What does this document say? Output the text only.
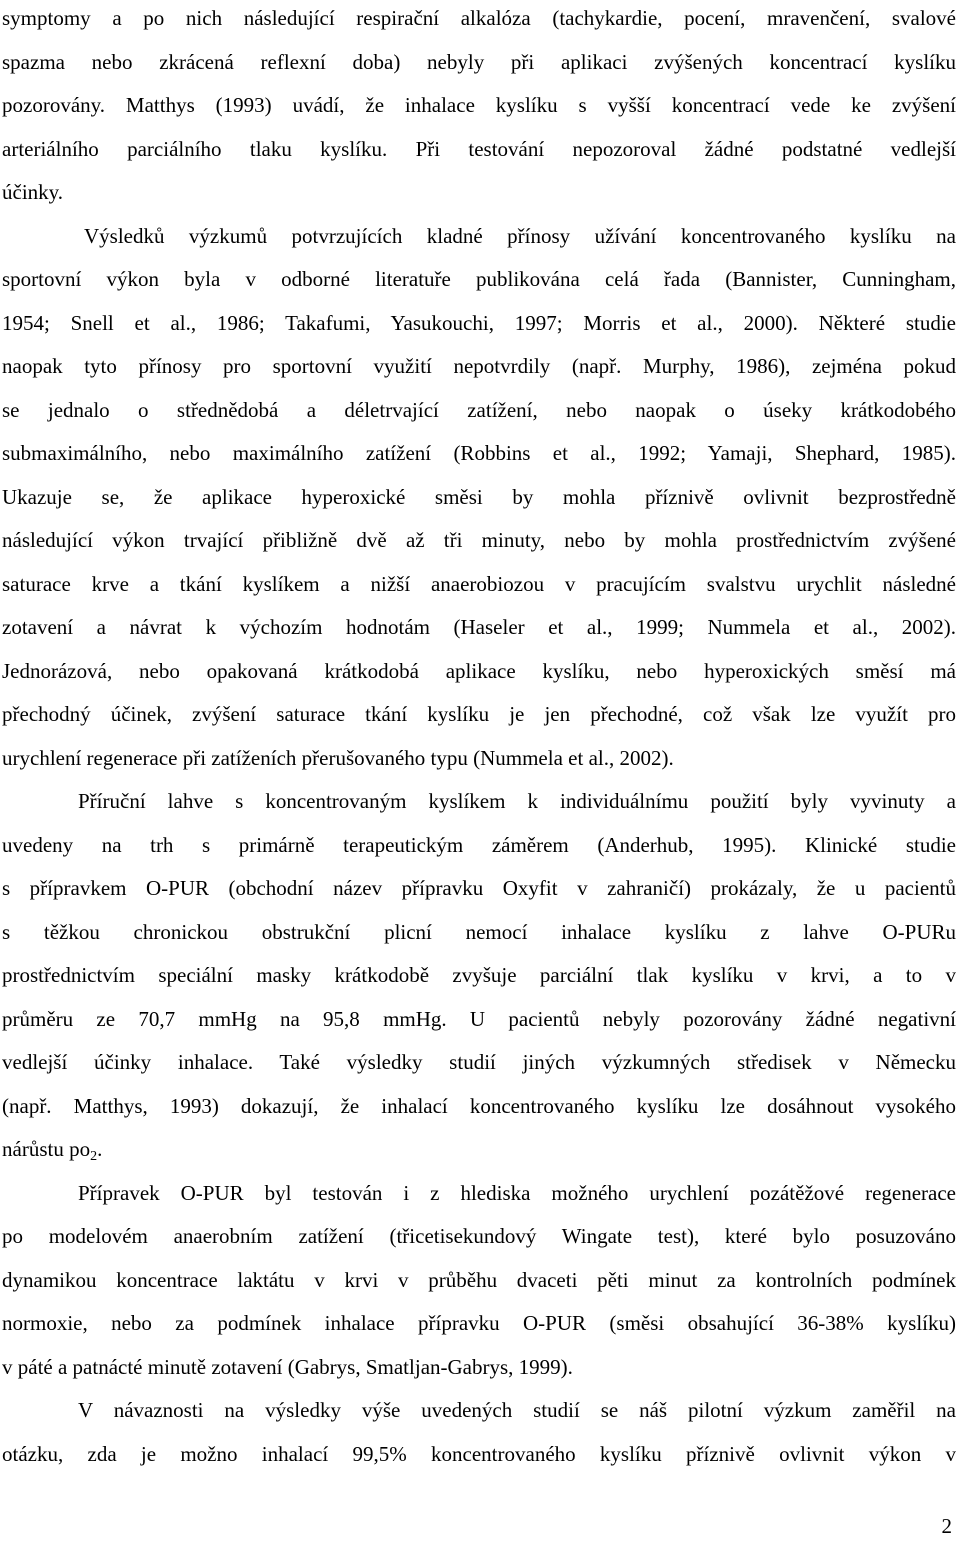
symptomy a po nich následující respirační alkalóza (tachykardie, pocení, mravenčení, svalové
spazma nebo zkrácená reflexní doba) nebyly při aplikaci zvýšených koncentrací kyslíku
pozorovány. Matthys (1993) uvádí, že inhalace kyslíku s vyšší koncentrací vede ke zvýšení
arteriálního parciálního tlaku kyslíku. Při testování nepozoroval žádné podstatné vedlejší
účinky.
Výsledků výzkumů potvrzujících kladné přínosy užívání koncentrovaného kyslíku na
sportovní výkon byla v odborné literatuře publikována celá řada (Bannister, Cunningham,
1954; Snell et al., 1986; Takafumi, Yasukouchi, 1997; Morris et al., 2000). Některé studie
naopak tyto přínosy pro sportovní využití nepotvrdily (např. Murphy, 1986), zejména pokud
se jednalo o střednědobá a déletrvající zatížení, nebo naopak o úseky krátkodobého
submaximálního, nebo maximálního zatížení (Robbins et al., 1992; Yamaji, Shephard, 1985).
Ukazuje se, že aplikace hyperoxické směsi by mohla příznivě ovlivnit bezprostředně
následující výkon trvající přibližně dvě až tři minuty, nebo by mohla prostřednictvím zvýšené
saturace krve a tkání kyslíkem a nižší anaerobiozou v pracujícím svalstvu urychlit následné
zotavení a návrat k výchozím hodnotám (Haseler et al., 1999; Nummela et al., 2002).
Jednorázová, nebo opakovaná krátkodobá aplikace kyslíku, nebo hyperoxických směsí má
přechodný účinek, zvýšení saturace tkání kyslíku je jen přechodné, což však lze využít pro
urychlení regenerace při zatíženích přerušovaného typu (Nummela et al., 2002).
Příruční lahve s koncentrovaným kyslíkem k individuálnímu použití byly vyvinuty a
uvedeny na trh s primárně terapeutickým záměrem (Anderhub, 1995). Klinické studie
s přípravkem O-PUR (obchodní název přípravku Oxyfit v zahraničí) prokázaly, že u pacientů
s těžkou chronickou obstrukční plicní nemocí inhalace kyslíku z lahve O-PURu
prostřednictvím speciální masky krátkodobě zvyšuje parciální tlak kyslíku v krvi, a to v
průměru ze 70,7 mmHg na 95,8 mmHg. U pacientů nebyly pozorovány žádné negativní
vedlejší účinky inhalace. Také výsledky studií jiných výzkumných středisek v Německu
(např. Matthys, 1993) dokazují, že inhalací koncentrovaného kyslíku lze dosáhnout vysokého
nárůstu $po_2$.
Přípravek O-PUR byl testován i z hlediska možného urychlení pozátěžové regenerace
po modelovém anaerobním zatížení (třicetisekundový Wingate test), které bylo posuzováno
dynamikou koncentrace laktátu v krvi v průběhu dvaceti pěti minut za kontrolních podmínek
normoxie, nebo za podmínek inhalace přípravku O-PUR (směsi obsahující 36-38% kyslíku)
v páté a patnácté minutě zotavení (Gabrys, Smatljan-Gabrys, 1999).
V návaznosti na výsledky výše uvedených studií se náš pilotní výzkum zaměřil na
otázku, zda je možno inhalací 99,5% koncentrovaného kyslíku příznivě ovlivnit výkon v
2
